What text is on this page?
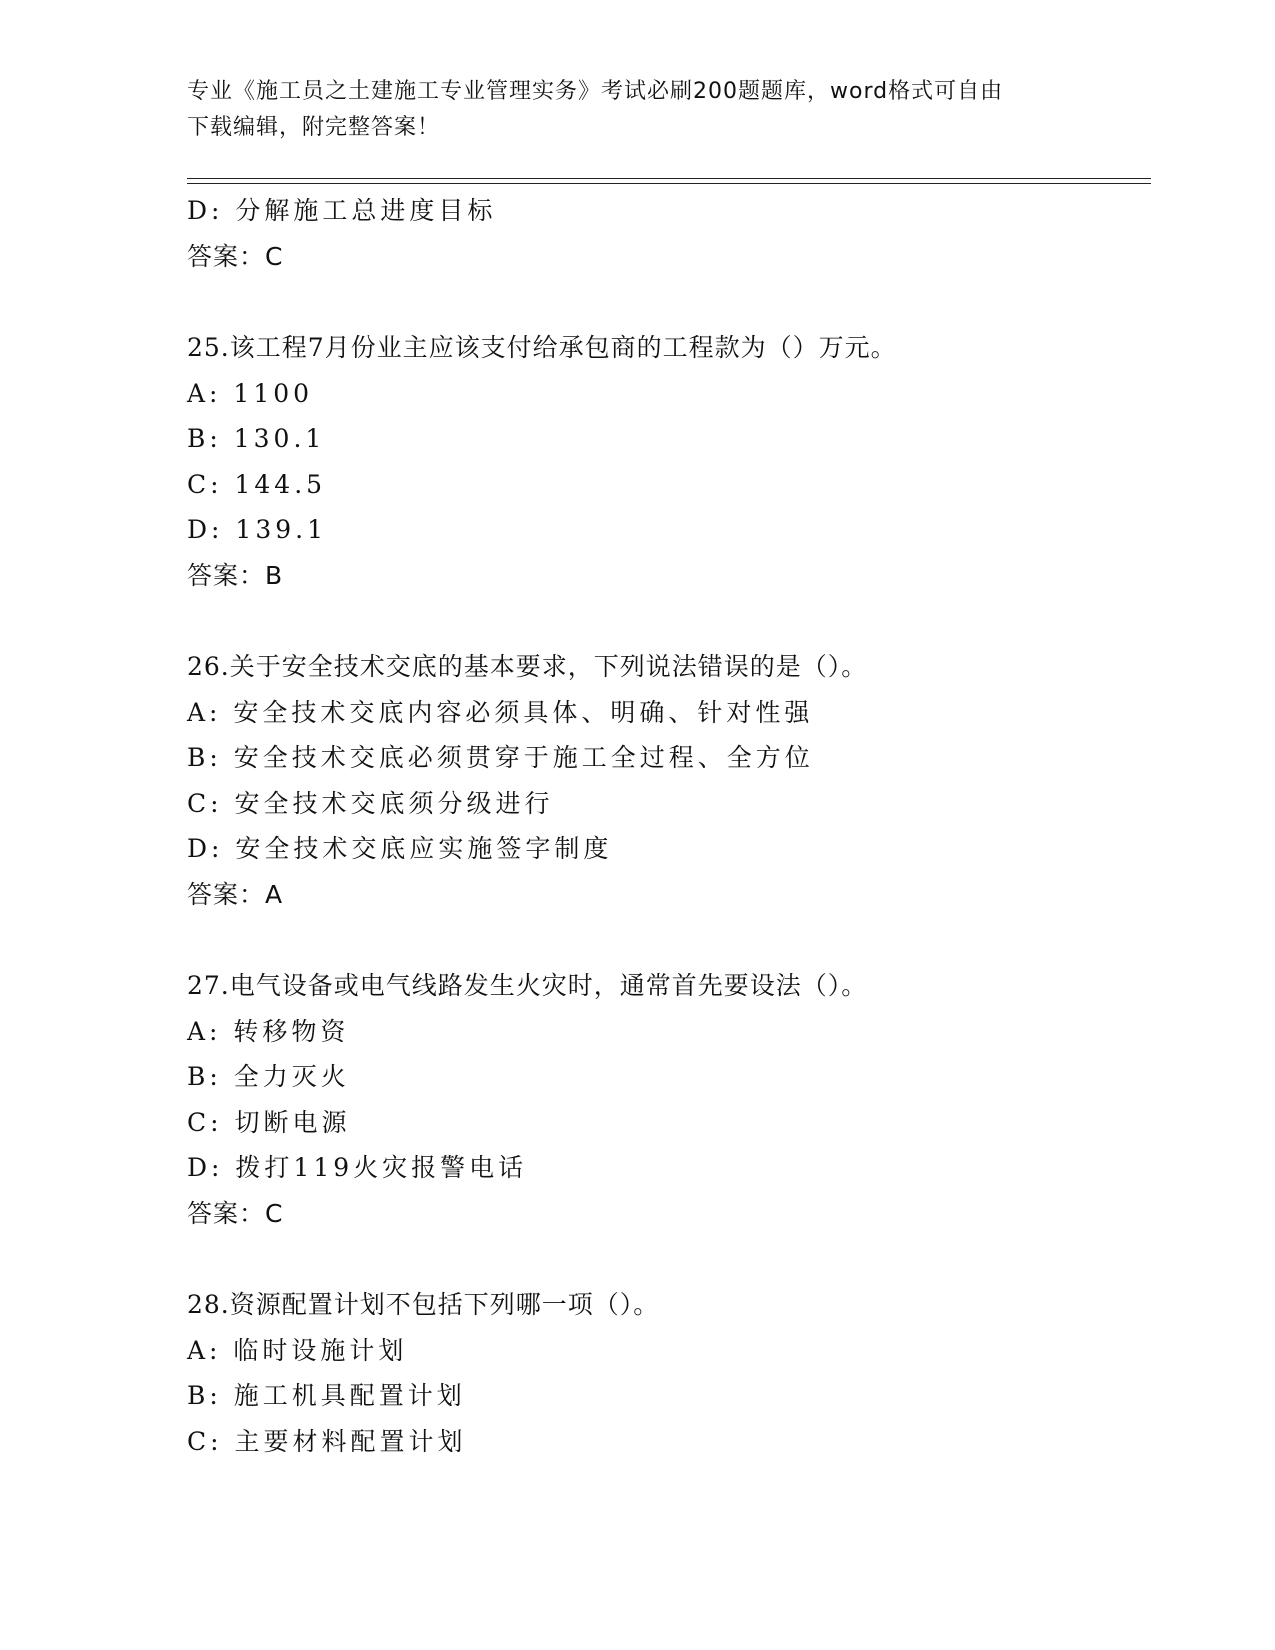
专业《施工员之土建施工专业管理实务》考试必刷200题题库，word格式可自由
下载编辑，附完整答案！
D: 分解施工总进度目标
答案：C
25.该工程7月份业主应该支付给承包商的工程款为（）万元。
A: 1100
B: 130.1
C: 144.5
D: 139.1
答案：B
26.关于安全技术交底的基本要求，下列说法错误的是（）。
A: 安全技术交底内容必须具体、明确、针对性强
B: 安全技术交底必须贯穿于施工全过程、全方位
C: 安全技术交底须分级进行
D: 安全技术交底应实施签字制度
答案：A
27.电气设备或电气线路发生火灾时，通常首先要设法（）。
A: 转移物资
B: 全力灭火
C: 切断电源
D: 拨打119火灾报警电话
答案：C
28.资源配置计划不包括下列哪一项（）。
A: 临时设施计划
B: 施工机具配置计划
C: 主要材料配置计划
